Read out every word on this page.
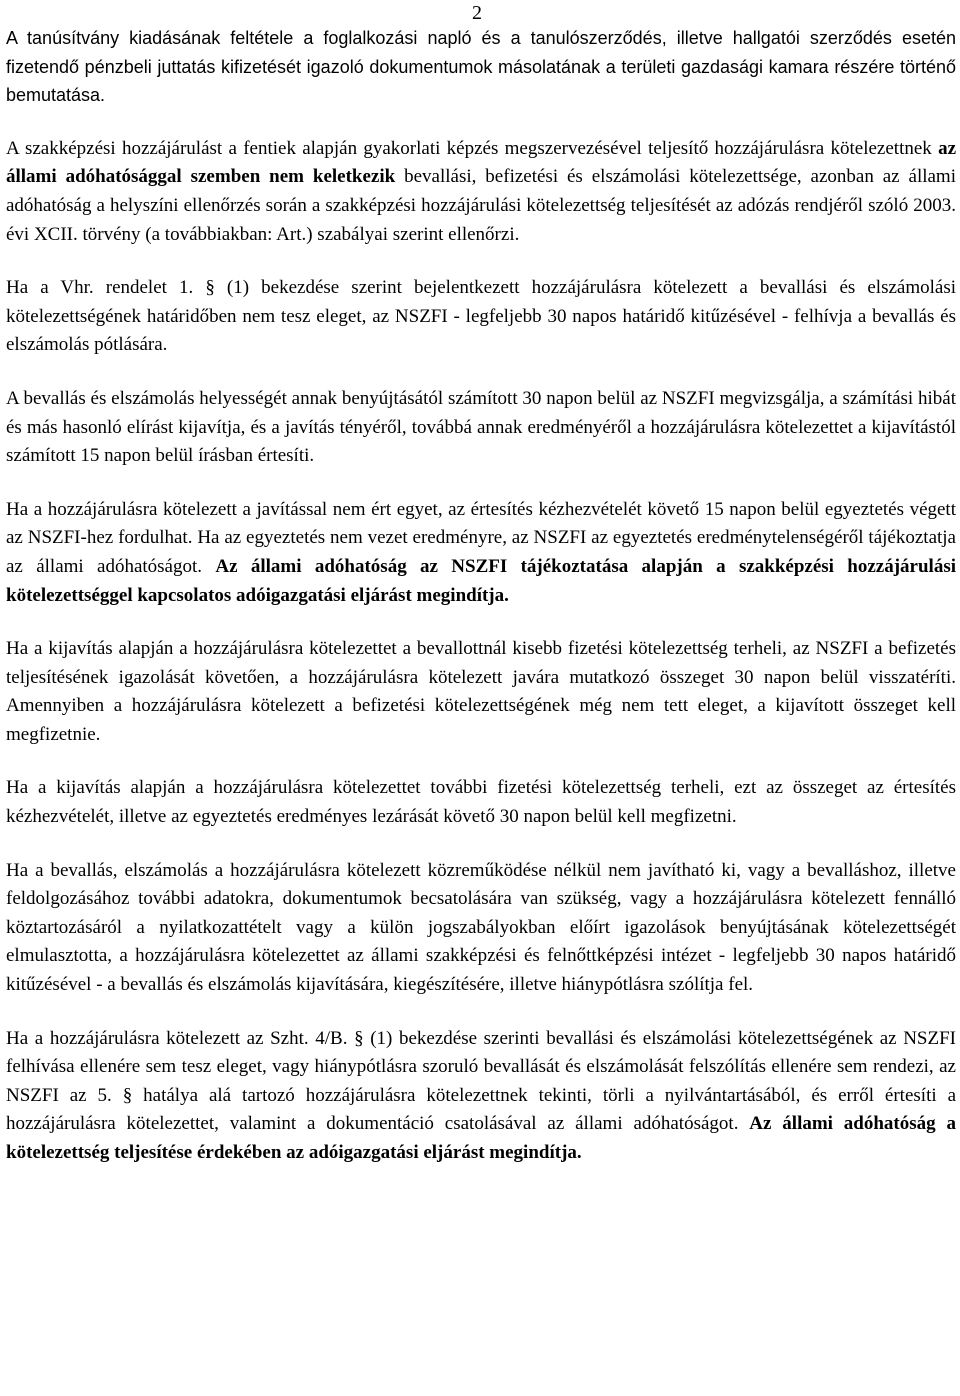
2

A tanúsítvány kiadásának feltétele a foglalkozási napló és a tanulószerződés, illetve hallgatói szerződés esetén fizetendő pénzbeli juttatás kifizetését igazoló dokumentumok másolatának a területi gazdasági kamara részére történő bemutatása.

A szakképzési hozzájárulást a fentiek alapján gyakorlati képzés megszervezésével teljesítő hozzájárulásra kötelezettnek az állami adóhatósággal szemben nem keletkezik bevallási, befizetési és elszámolási kötelezettsége, azonban az állami adóhatóság a helyszíni ellenőrzés során a szakképzési hozzájárulási kötelezettség teljesítését az adózás rendjéről szóló 2003. évi XCII. törvény (a továbbiakban: Art.) szabályai szerint ellenőrzi.

Ha a Vhr. rendelet 1. § (1) bekezdése szerint bejelentkezett hozzájárulásra kötelezett a bevallási és elszámolási kötelezettségének határidőben nem tesz eleget, az NSZFI - legfeljebb 30 napos határidő kitűzésével - felhívja a bevallás és elszámolás pótlására.

A bevallás és elszámolás helyességét annak benyújtásától számított 30 napon belül az NSZFI megvizsgálja, a számítási hibát és más hasonló elírást kijavítja, és a javítás tényéről, továbbá annak eredményéről a hozzájárulásra kötelezettet a kijavítástól számított 15 napon belül írásban értesíti.

Ha a hozzájárulásra kötelezett a javítással nem ért egyet, az értesítés kézhezvételét követő 15 napon belül egyeztetés végett az NSZFI-hez fordulhat. Ha az egyeztetés nem vezet eredményre, az NSZFI az egyeztetés eredménytelenségéről tájékoztatja az állami adóhatóságot. Az állami adóhatóság az NSZFI tájékoztatása alapján a szakképzési hozzájárulási kötelezettséggel kapcsolatos adóigazgatási eljárást megindítja.

Ha a kijavítás alapján a hozzájárulásra kötelezettet a bevallottnál kisebb fizetési kötelezettség terheli, az NSZFI a befizetés teljesítésének igazolását követően, a hozzájárulásra kötelezett javára mutatkozó összeget 30 napon belül visszatéríti. Amennyiben a hozzájárulásra kötelezett a befizetési kötelezettségének még nem tett eleget, a kijavított összeget kell megfizetnie.

Ha a kijavítás alapján a hozzájárulásra kötelezettet további fizetési kötelezettség terheli, ezt az összeget az értesítés kézhezvételét, illetve az egyeztetés eredményes lezárását követő 30 napon belül kell megfizetni.

Ha a bevallás, elszámolás a hozzájárulásra kötelezett közreműködése nélkül nem javítható ki, vagy a bevalláshoz, illetve feldolgozásához további adatokra, dokumentumok becsatolására van szükség, vagy a hozzájárulásra kötelezett fennálló köztartozásáról a nyilatkozattételt vagy a külön jogszabályokban előírt igazolások benyújtásának kötelezettségét elmulasztotta, a hozzájárulásra kötelezettet az állami szakképzési és felnőttképzési intézet - legfeljebb 30 napos határidő kitűzésével - a bevallás és elszámolás kijavítására, kiegészítésére, illetve hiánypótlásra szólítja fel.

Ha a hozzájárulásra kötelezett az Szht. 4/B. § (1) bekezdése szerinti bevallási és elszámolási kötelezettségének az NSZFI felhívása ellenére sem tesz eleget, vagy hiánypótlásra szoruló bevallását és elszámolását felszólítás ellenére sem rendezi, az NSZFI az 5. § hatálya alá tartozó hozzájárulásra kötelezettnek tekinti, törli a nyilvántartásából, és erről értesíti a hozzájárulásra kötelezettet, valamint a dokumentáció csatolásával az állami adóhatóságot. Az állami adóhatóság a kötelezettség teljesítése érdekében az adóigazgatási eljárást megindítja.
